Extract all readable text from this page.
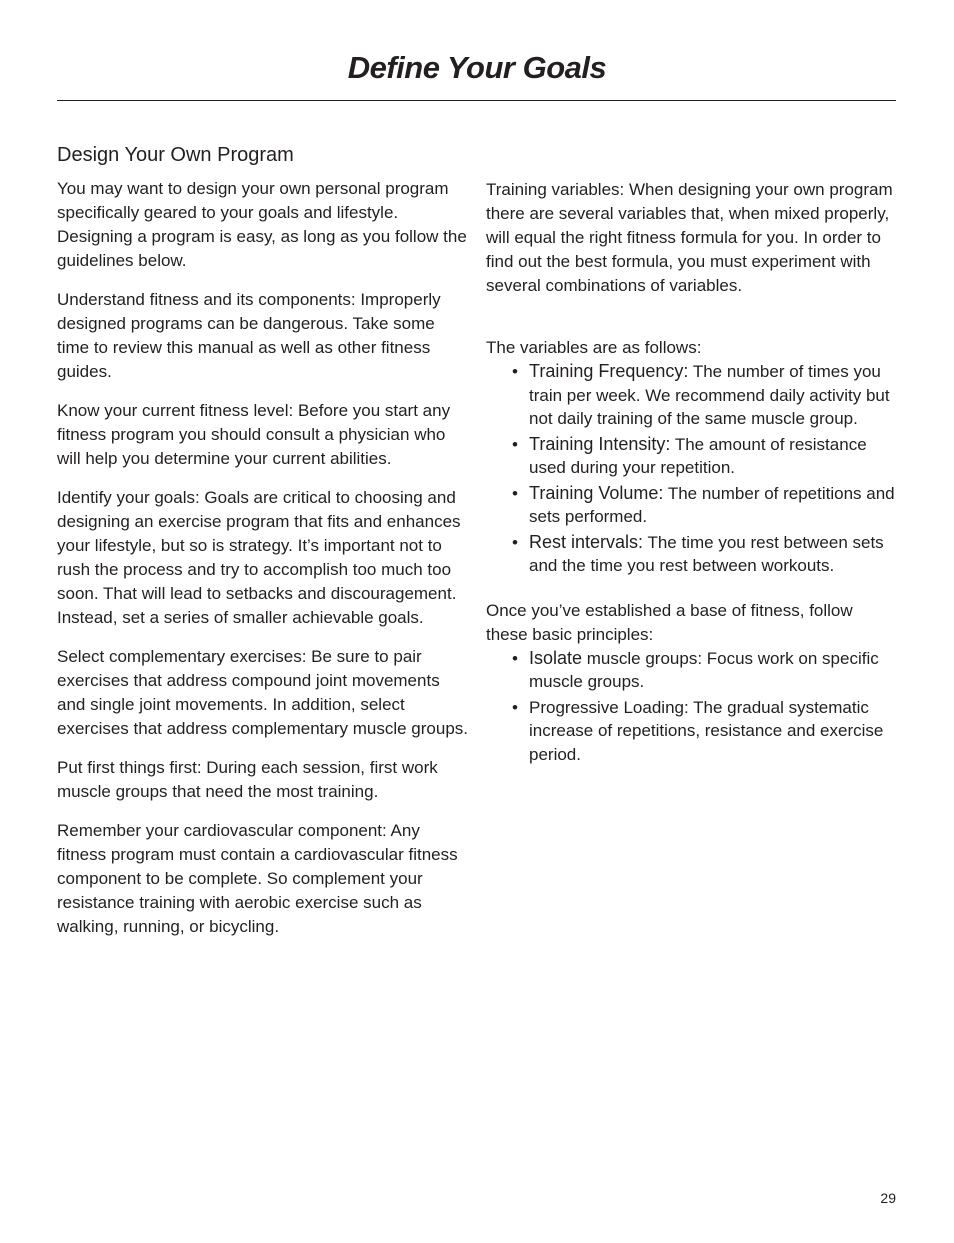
Define Your Goals
Design Your Own Program

You may want to design your own personal program specifically geared to your goals and lifestyle. Designing a program is easy, as long as you follow the guidelines below.

Understand fitness and its components: Improperly designed programs can be dangerous. Take some time to review this manual as well as other fitness guides.

Know your current fitness level: Before you start any fitness program you should consult a physician who will help you determine your current abilities.

Identify your goals: Goals are critical to choosing and designing an exercise program that fits and enhances your lifestyle, but so is strategy. It’s important not to rush the process and try to accomplish too much too soon. That will lead to setbacks and discouragement. Instead, set a series of smaller achievable goals.

Select complementary exercises: Be sure to pair exercises that address compound joint movements and single joint movements. In addition, select exercises that address complementary muscle groups.

Put first things first: During each session, first work muscle groups that need the most training.

Remember your cardiovascular component: Any fitness program must contain a cardiovascular fitness component to be complete. So complement your resistance training with aerobic exercise such as walking, running, or bicycling.

Training variables: When designing your own program there are several variables that, when mixed properly, will equal the right fitness formula for you. In order to find out the best formula, you must experiment with several combinations of variables.

The variables are as follows:

• Training Frequency: The number of times you train per week. We recommend daily activity but not daily training of the same muscle group.
• Training Intensity: The amount of resistance used during your repetition.
• Training Volume: The number of repetitions and sets performed.
• Rest intervals: The time you rest between sets and the time you rest between workouts.

Once you’ve established a base of fitness, follow these basic principles:

• Isolate muscle groups: Focus work on specific muscle groups.
• Progressive Loading: The gradual systematic increase of repetitions, resistance and exercise period.
29
